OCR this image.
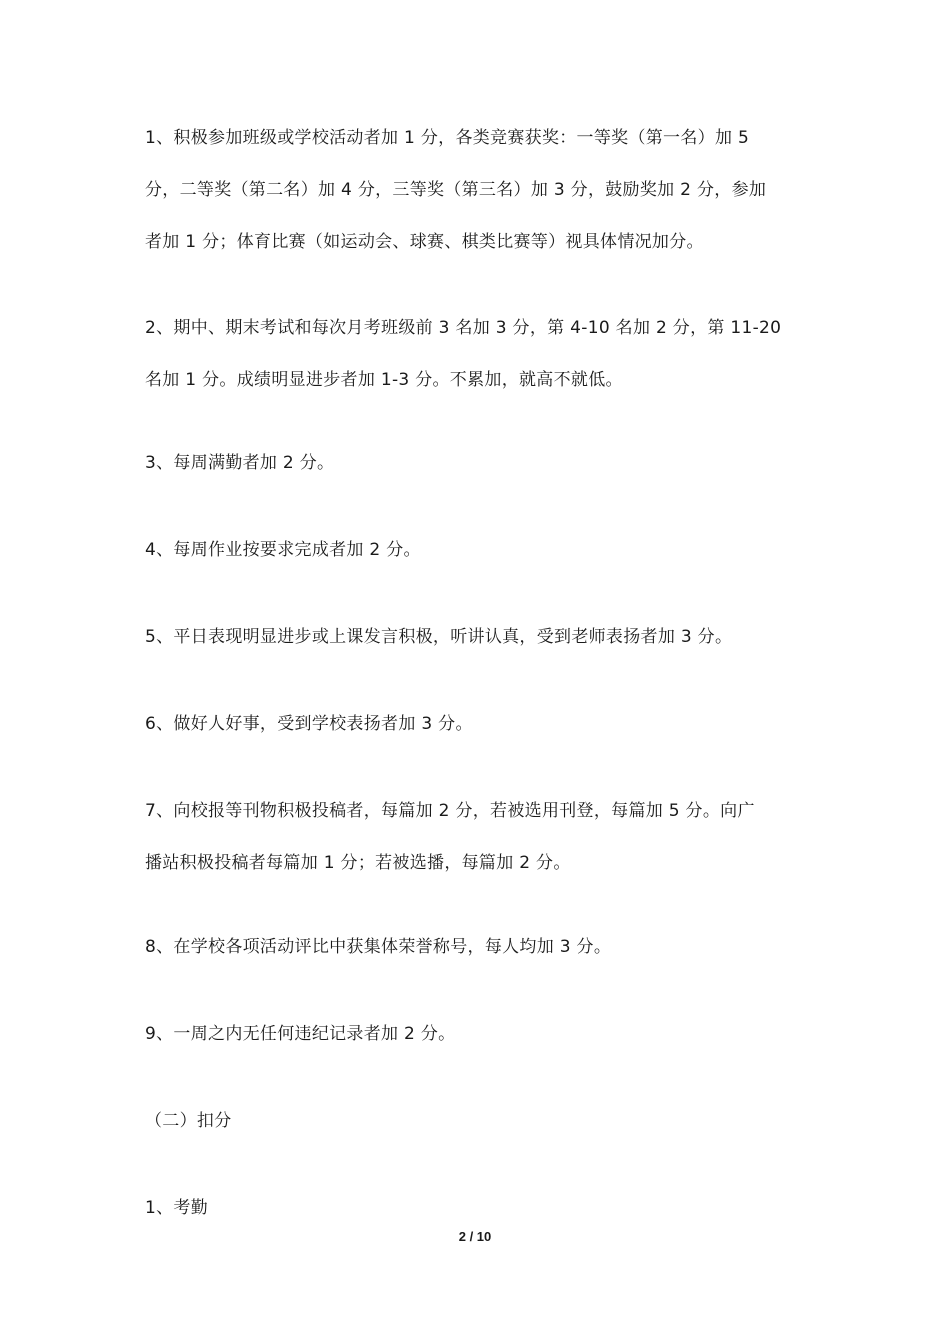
1、积极参加班级或学校活动者加 1 分，各类竞赛获奖：一等奖（第一名）加 5
分，二等奖（第二名）加 4 分，三等奖（第三名）加 3 分，鼓励奖加 2 分，参加
者加 1 分；体育比赛（如运动会、球赛、棋类比赛等）视具体情况加分。

2、期中、期末考试和每次月考班级前 3 名加 3 分，第 4-10 名加 2 分，第 11-20
名加 1 分。成绩明显进步者加 1-3 分。不累加，就高不就低。

3、每周满勤者加 2 分。

4、每周作业按要求完成者加 2 分。

5、平日表现明显进步或上课发言积极，听讲认真，受到老师表扬者加 3 分。

6、做好人好事，受到学校表扬者加 3 分。

7、向校报等刊物积极投稿者，每篇加 2 分，若被选用刊登，每篇加 5 分。向广
播站积极投稿者每篇加 1 分；若被选播，每篇加 2 分。

8、在学校各项活动评比中获集体荣誉称号，每人均加 3 分。

9、一周之内无任何违纪记录者加 2 分。

（二）扣分

1、考勤

2 / 10
